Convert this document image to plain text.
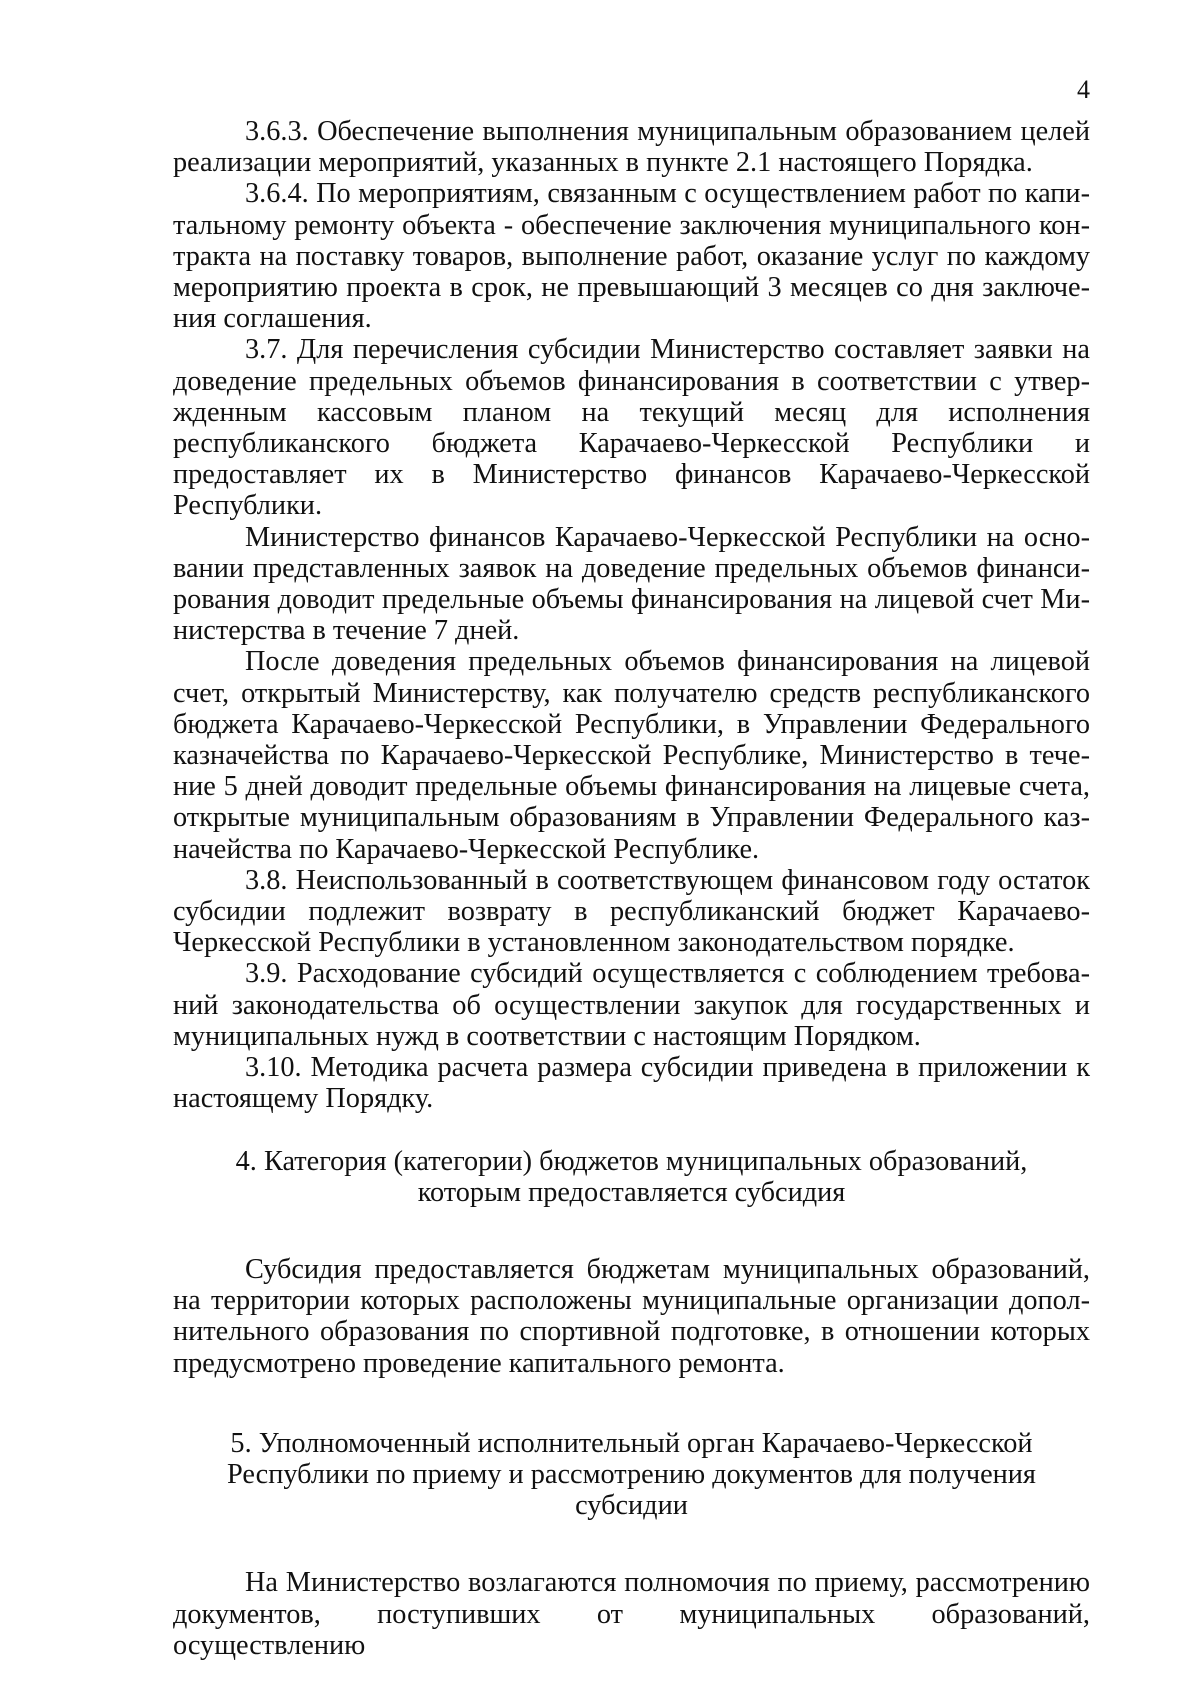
4

3.6.3. Обеспечение выполнения муниципальным образованием целей реализации мероприятий, указанных в пункте 2.1 настоящего Порядка.

3.6.4. По мероприятиям, связанным с осуществлением работ по капитальному ремонту объекта - обеспечение заключения муниципального контракта на поставку товаров, выполнение работ, оказание услуг по каждому мероприятию проекта в срок, не превышающий 3 месяцев со дня заключения соглашения.

3.7. Для перечисления субсидии Министерство составляет заявки на доведение предельных объемов финансирования в соответствии с утвержденным кассовым планом на текущий месяц для исполнения республиканского бюджета Карачаево-Черкесской Республики и предоставляет их в Министерство финансов Карачаево-Черкесской Республики.

Министерство финансов Карачаево-Черкесской Республики на основании представленных заявок на доведение предельных объемов финансирования доводит предельные объемы финансирования на лицевой счет Министерства в течение 7 дней.

После доведения предельных объемов финансирования на лицевой счет, открытый Министерству, как получателю средств республиканского бюджета Карачаево-Черкесской Республики, в Управлении Федерального казначейства по Карачаево-Черкесской Республике, Министерство в течение 5 дней доводит предельные объемы финансирования на лицевые счета, открытые муниципальным образованиям в Управлении Федерального казначейства по Карачаево-Черкесской Республике.

3.8. Неиспользованный в соответствующем финансовом году остаток субсидии подлежит возврату в республиканский бюджет Карачаево-Черкесской Республики в установленном законодательством порядке.

3.9. Расходование субсидий осуществляется с соблюдением требований законодательства об осуществлении закупок для государственных и муниципальных нужд в соответствии с настоящим Порядком.

3.10. Методика расчета размера субсидии приведена в приложении к настоящему Порядку.

4. Категория (категории) бюджетов муниципальных образований,
которым предоставляется субсидия

Субсидия предоставляется бюджетам муниципальных образований, на территории которых расположены муниципальные организации дополнительного образования по спортивной подготовке, в отношении которых предусмотрено проведение капитального ремонта.

5. Уполномоченный исполнительный орган Карачаево-Черкесской
Республики по приему и рассмотрению документов для получения
субсидии

На Министерство возлагаются полномочия по приему, рассмотрению документов, поступивших от муниципальных образований, осуществлению
